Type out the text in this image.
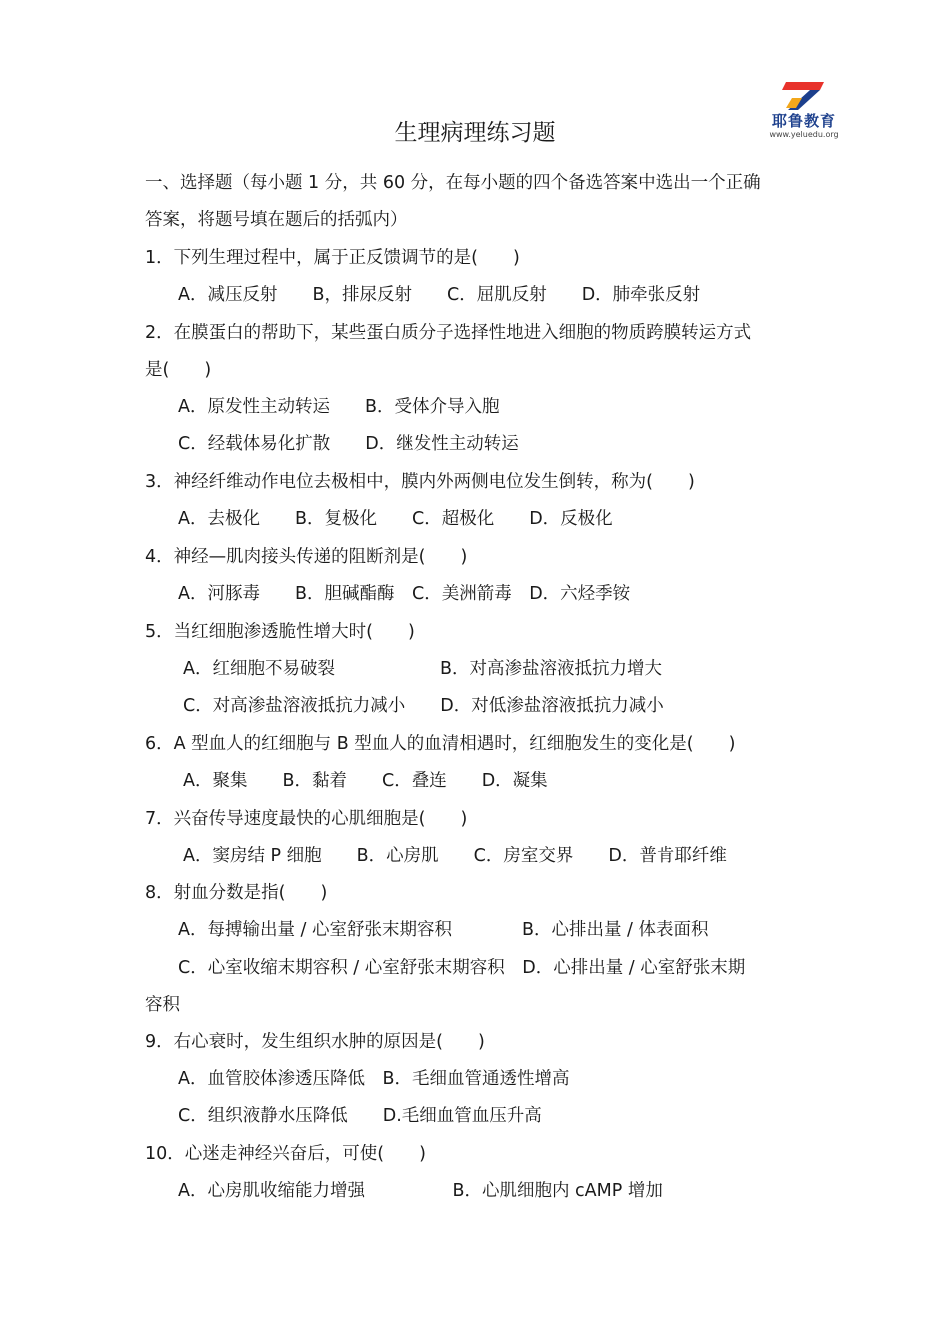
耶鲁教育
www.yeluedu.org
生理病理练习题
一、选择题（每小题 1 分，共 60 分，在每小题的四个备选答案中选出一个正确
答案，将题号填在题后的括弧内）
1．下列生理过程中，属于正反馈调节的是(　　)
A．减压反射　　B，排尿反射　　C．屈肌反射　　D．肺牵张反射
2．在膜蛋白的帮助下，某些蛋白质分子选择性地进入细胞的物质跨膜转运方式
是(　　)
A．原发性主动转运　　B．受体介导入胞
C．经载体易化扩散　　D．继发性主动转运
3．神经纤维动作电位去极相中，膜内外两侧电位发生倒转，称为(　　)
A．去极化　　B．复极化　　C．超极化　　D．反极化
4．神经—肌肉接头传递的阻断剂是(　　)
A．河豚毒　　B．胆碱酯酶　C．美洲箭毒　D．六烃季铵
5．当红细胞渗透脆性增大时(　　)
A．红细胞不易破裂　　　　　　B．对高渗盐溶液抵抗力增大
C．对高渗盐溶液抵抗力减小　　D．对低渗盐溶液抵抗力减小
6．A 型血人的红细胞与 B 型血人的血清相遇时，红细胞发生的变化是(　　)
A．聚集　　B．黏着　　C．叠连　　D．凝集
7．兴奋传导速度最快的心肌细胞是(　　)
A．窦房结 P 细胞　　B．心房肌　　C．房室交界　　D．普肯耶纤维
8．射血分数是指(　　)
A．每搏输出量 / 心室舒张末期容积　　　　B．心排出量 / 体表面积
C．心室收缩末期容积 / 心室舒张末期容积　D．心排出量 / 心室舒张末期
容积
9．右心衰时，发生组织水肿的原因是(　　)
A．血管胶体渗透压降低　B．毛细血管通透性增高
C．组织液静水压降低　　D.毛细血管血压升高
10．心迷走神经兴奋后，可使(　　)
A．心房肌收缩能力增强　　　　　B．心肌细胞内 cAMP 增加
